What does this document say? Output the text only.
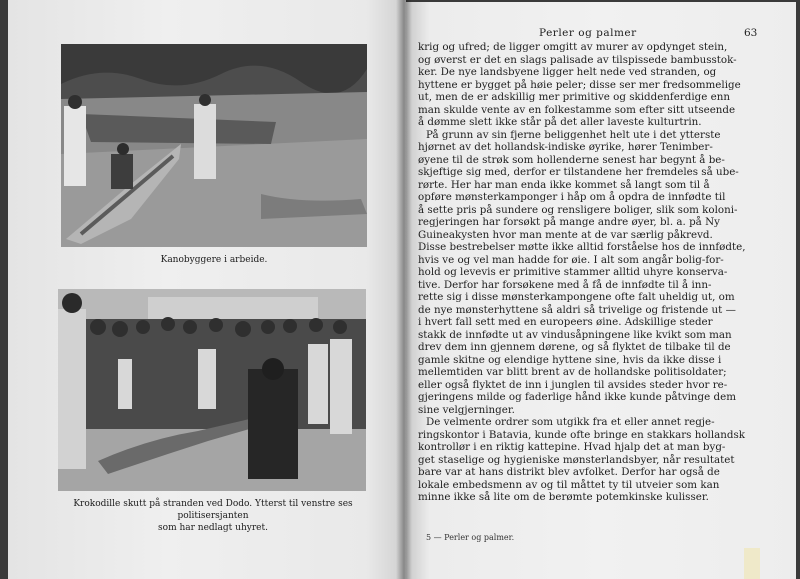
Kanobyggere i arbeide.
Krokodille skutt på stranden ved Dodo. Ytterst til venstre ses politisersjanten
som har nedlagt uhyret.
Perler og palmer	63
krig og ufred; de ligger omgitt av murer av opdynget stein,
og øverst er det en slags palisade av tilspissede bambusstok-
ker. De nye landsbyene ligger helt nede ved stranden, og
hyttene er bygget på høie peler; disse ser mer fredsommelige
ut, men de er adskillig mer primitive og skiddenferdige enn
man skulde vente av en folkestamme som efter sitt utseende
å dømme slett ikke står på det aller laveste kulturtrin.
På grunn av sin fjerne beliggenhet helt ute i det ytterste
hjørnet av det hollandsk-indiske øyrike, hører Tenimber-
øyene til de strøk som hollenderne senest har begynt å be-
skjeftige sig med, derfor er tilstandene her fremdeles så ube-
rørte. Her har man enda ikke kommet så langt som til å
opføre mønsterkamponger i håp om å opdra de innfødte til
å sette pris på sundere og rensligere boliger, slik som koloni-
regjeringen har forsøkt på mange andre øyer, bl. a. på Ny
Guineakysten hvor man mente at de var særlig påkrevd.
Disse bestrebelser møtte ikke alltid forståelse hos de innfødte,
hvis ve og vel man hadde for øie. I alt som angår bolig-for-
hold og levevis er primitive stammer alltid uhyre konserva-
tive. Derfor har forsøkene med å få de innfødte til å inn-
rette sig i disse mønsterkampongene ofte falt uheldig ut, om
de nye mønsterhyttene så aldri så trivelige og fristende ut —
i hvert fall sett med en europeers øine. Adskillige steder
stakk de innfødte ut av vindusåpningene like kvikt som man
drev dem inn gjennem dørene, og så flyktet de tilbake til de
gamle skitne og elendige hyttene sine, hvis da ikke disse i
mellemtiden var blitt brent av de hollandske politisoldater;
eller også flyktet de inn i junglen til avsides steder hvor re-
gjeringens milde og faderlige hånd ikke kunde påtvinge dem
sine velgjerninger.
De velmente ordrer som utgikk fra et eller annet regje-
ringskontor i Batavia, kunde ofte bringe en stakkars hollandsk
kontrollør i en riktig kattepine. Hvad hjalp det at man byg-
get staselige og hygieniske mønsterlandsbyer, når resultatet
bare var at hans distrikt blev avfolket. Derfor har også de
lokale embedsmenn av og til måttet ty til utveier som kan
minne ikke så lite om de berømte potemkinske kulisser.
5 — Perler og palmer.
